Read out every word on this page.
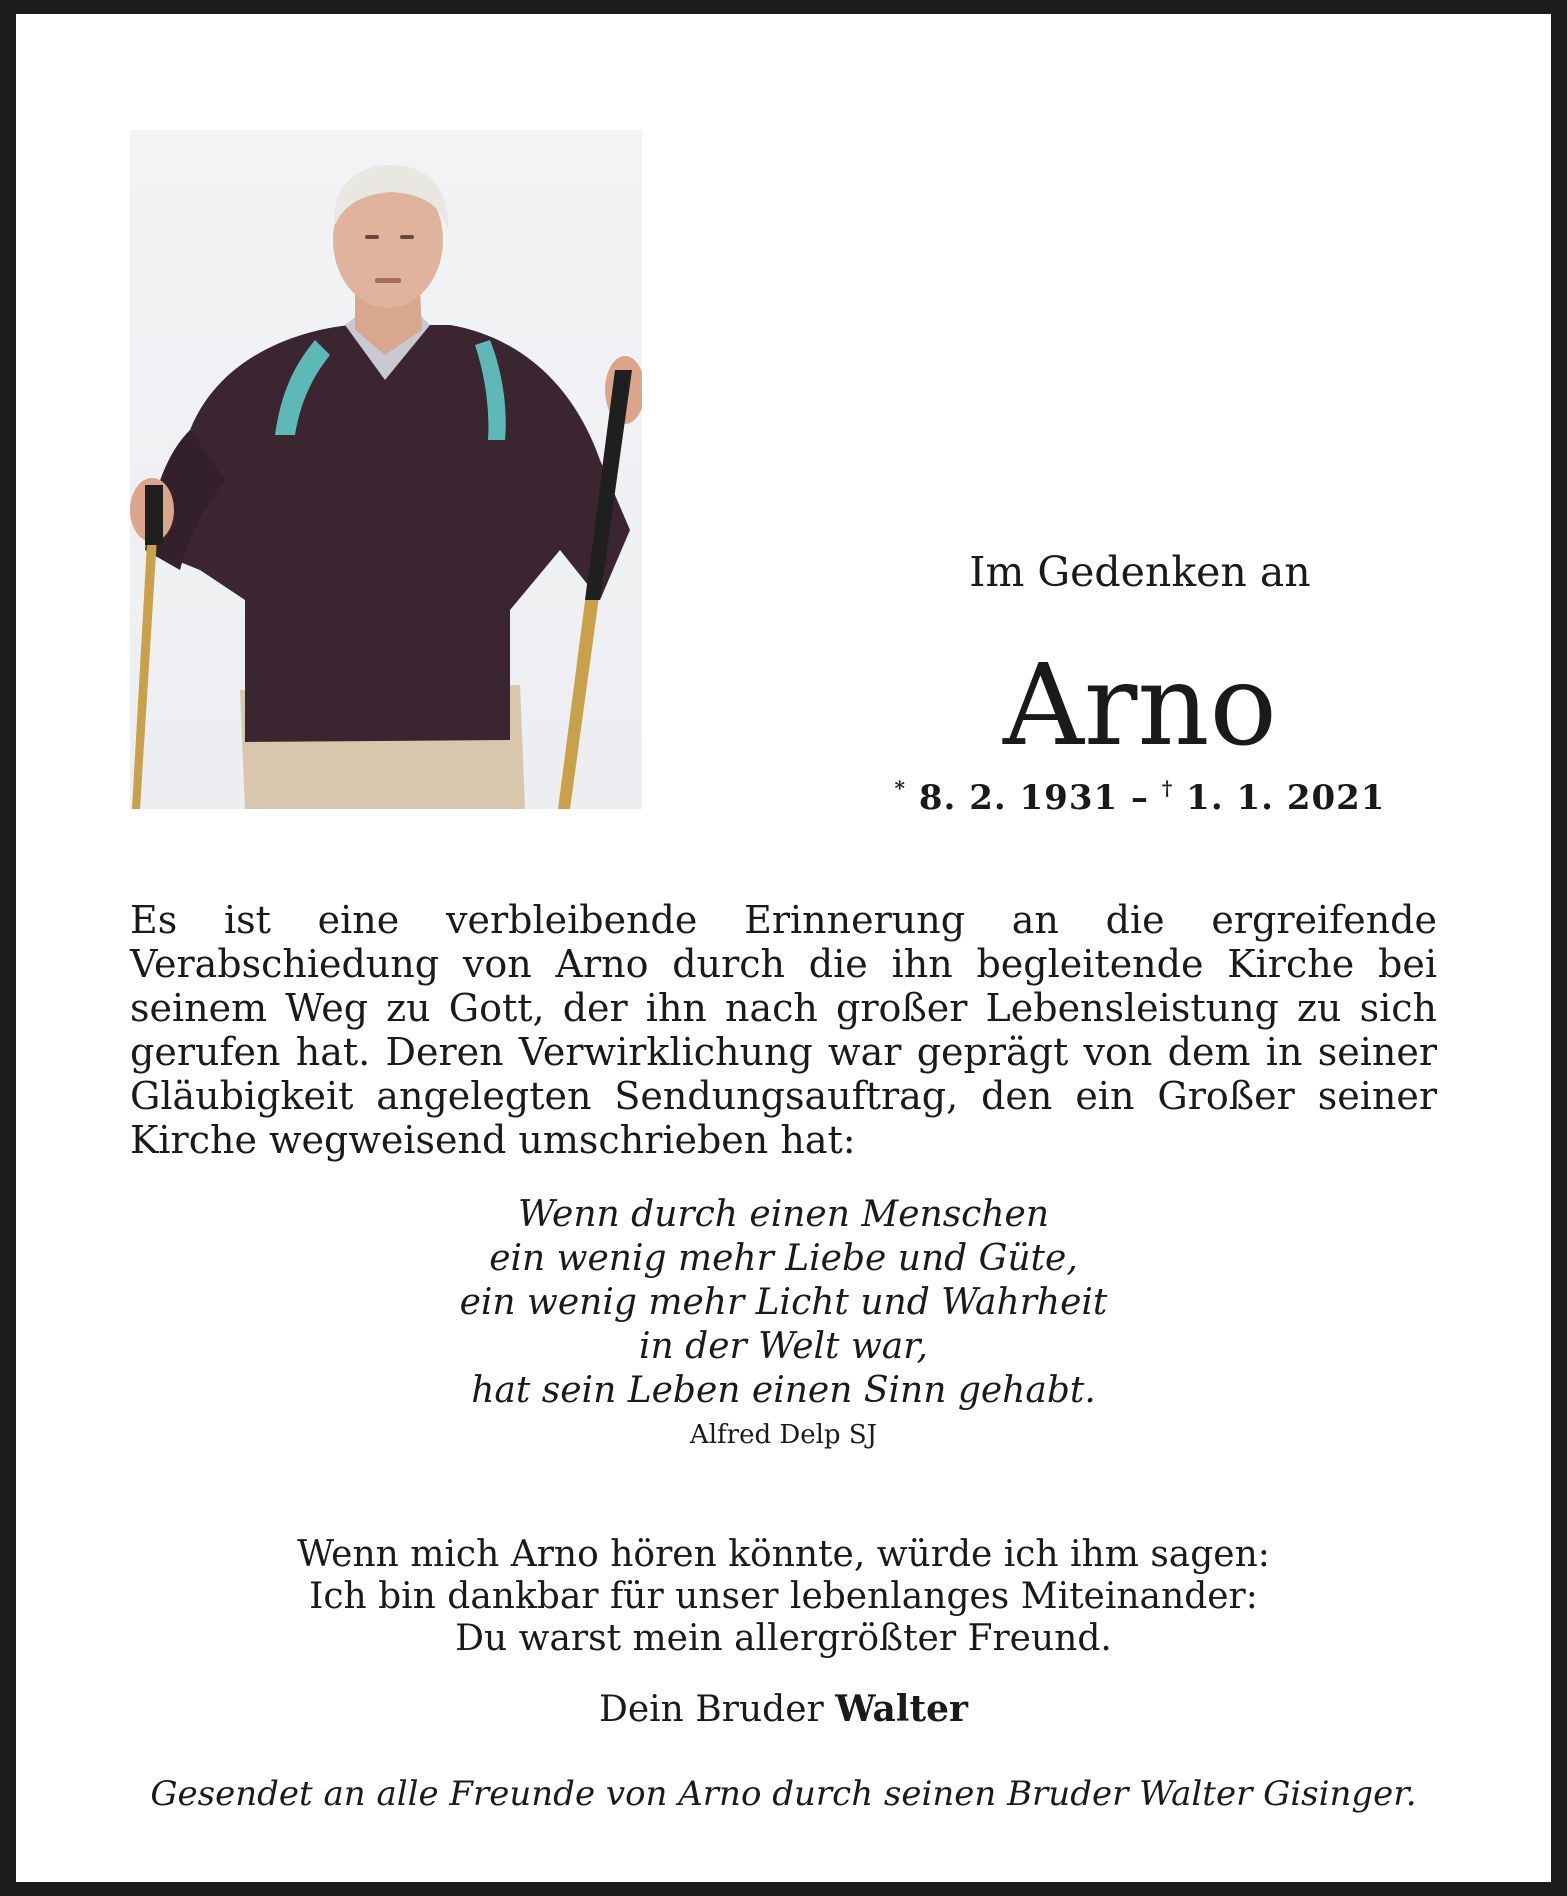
Im Gedenken an
Arno
* 8. 2. 1931 – † 1. 1. 2021
Es ist eine verbleibende Erinnerung an die ergreifende Verabschiedung von Arno durch die ihn begleitende Kirche bei seinem Weg zu Gott, der ihn nach großer Lebensleistung zu sich gerufen hat. Deren Verwirklichung war geprägt von dem in seiner Gläubigkeit angelegten Sendungsauftrag, den ein Großer seiner Kirche wegweisend umschrieben hat:
Wenn durch einen Menschen
ein wenig mehr Liebe und Güte,
ein wenig mehr Licht und Wahrheit
in der Welt war,
hat sein Leben einen Sinn gehabt.
Alfred Delp SJ
Wenn mich Arno hören könnte, würde ich ihm sagen:
Ich bin dankbar für unser lebenlanges Miteinander:
Du warst mein allergrößter Freund.
Dein Bruder Walter
Gesendet an alle Freunde von Arno durch seinen Bruder Walter Gisinger.
